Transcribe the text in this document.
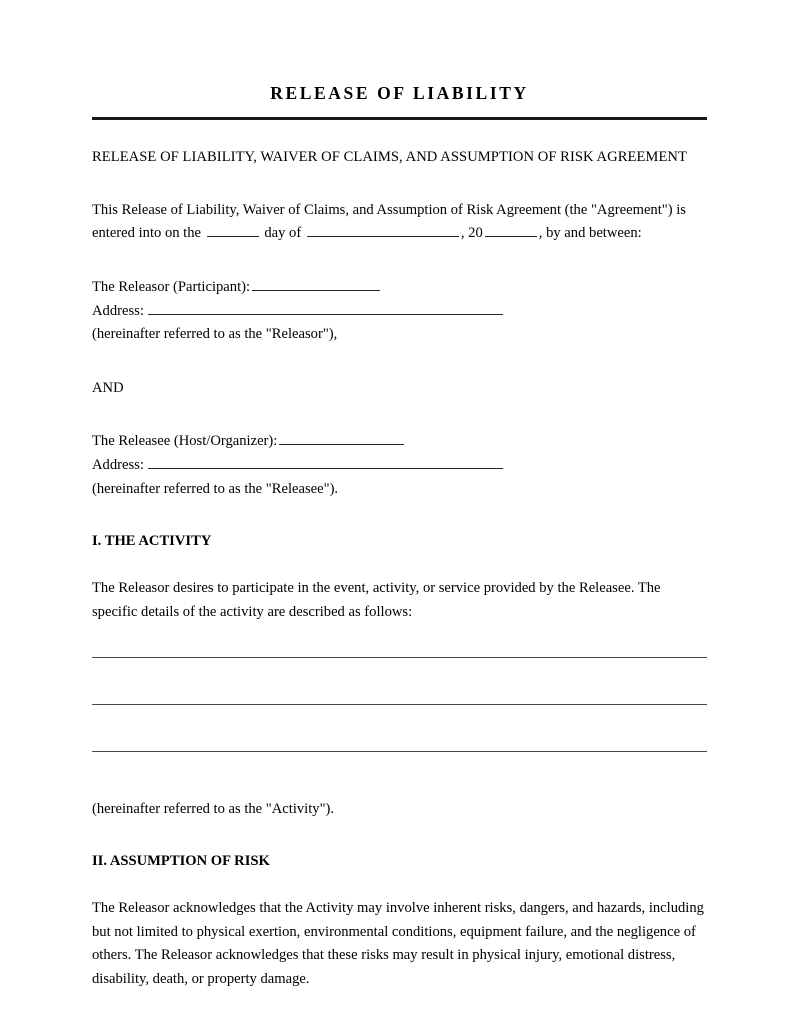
RELEASE OF LIABILITY
RELEASE OF LIABILITY, WAIVER OF CLAIMS, AND ASSUMPTION OF RISK AGREEMENT

This Release of Liability, Waiver of Claims, and Assumption of Risk Agreement (the "Agreement") is entered into on the	day of	, 20	, by and between:

The Releasor (Participant):
Address:
(hereinafter referred to as the "Releasor"),

AND

The Releasee (Host/Organizer):
Address:
(hereinafter referred to as the "Releasee").
I. THE ACTIVITY

The Releasor desires to participate in the event, activity, or service provided by the Releasee. The specific details of the activity are described as follows:

(hereinafter referred to as the "Activity").

II. ASSUMPTION OF RISK

The Releasor acknowledges that the Activity may involve inherent risks, dangers, and hazards, including but not limited to physical exertion, environmental conditions, equipment failure, and the negligence of others. The Releasor acknowledges that these risks may result in physical injury, emotional distress, disability, death, or property damage.
